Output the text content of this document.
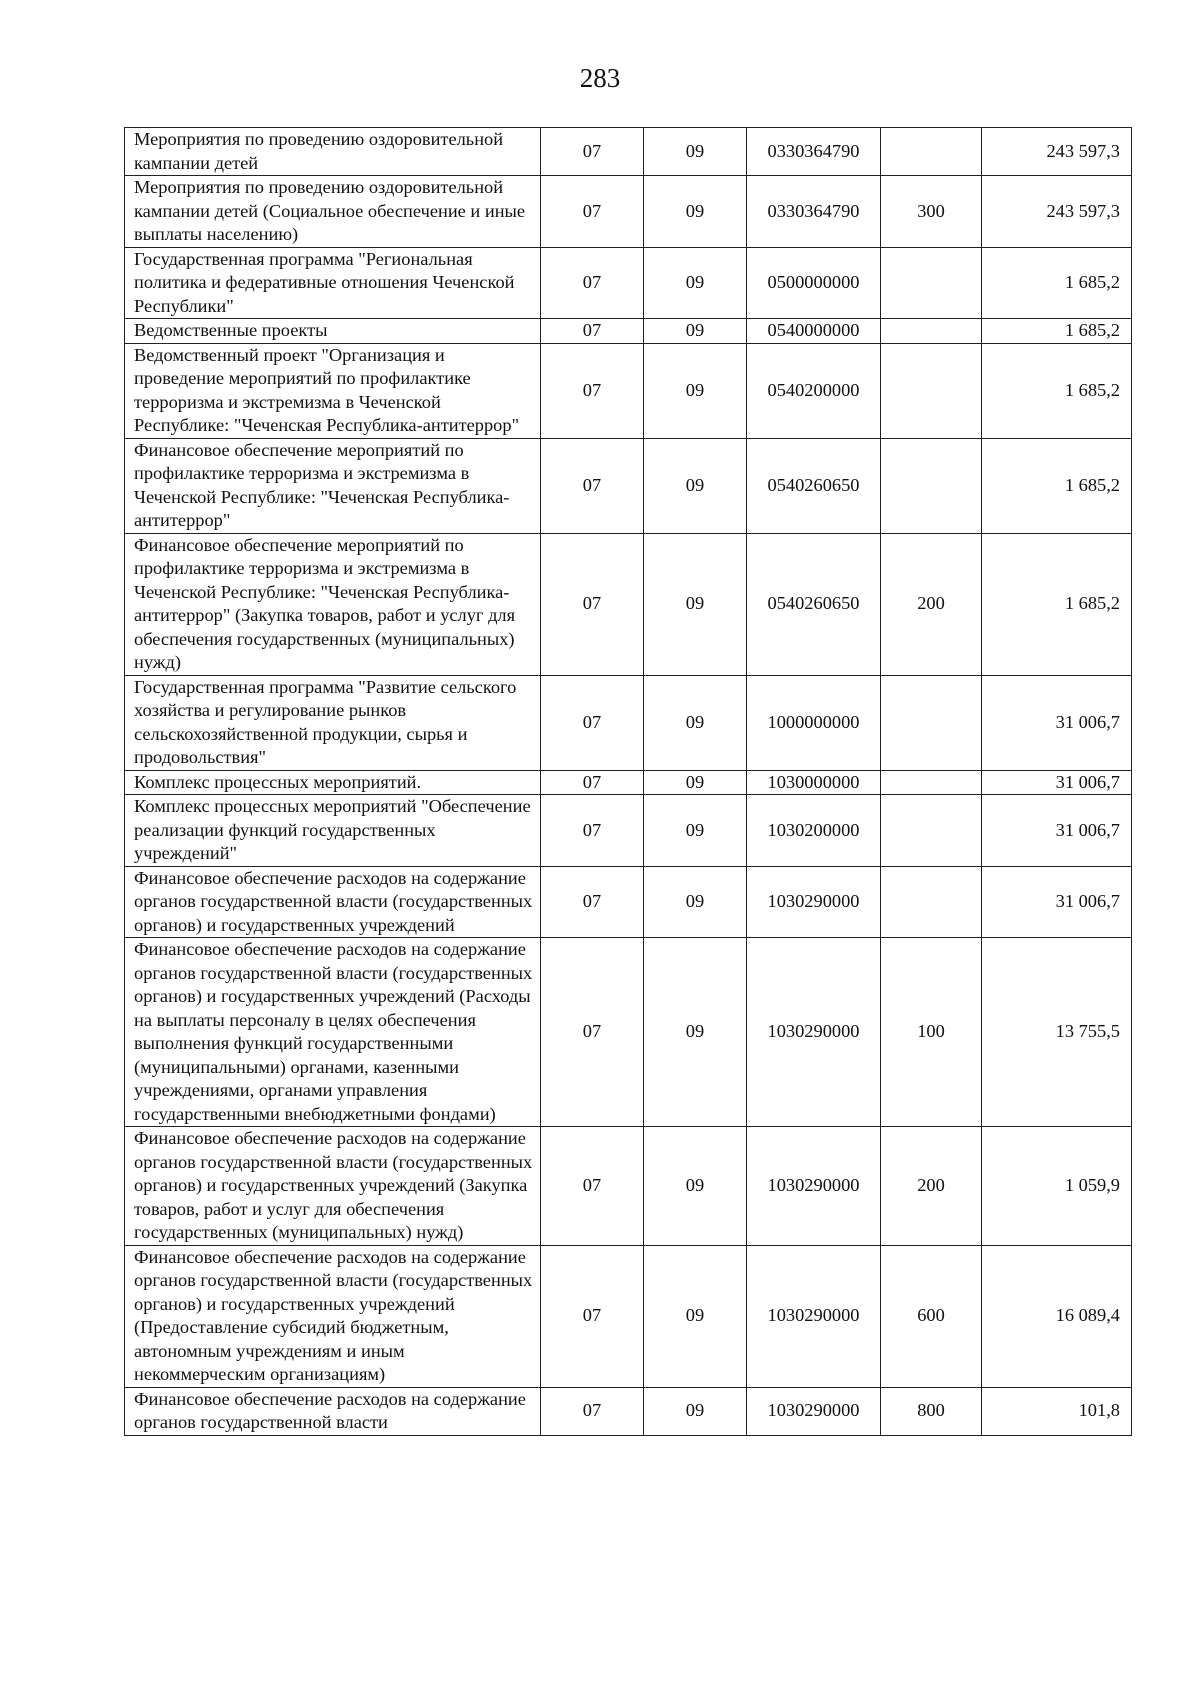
283
Мероприятия по проведению оздоровительной кампании детей	07	09	0330364790		243 597,3
Мероприятия по проведению оздоровительной кампании детей (Социальное обеспечение и иные выплаты населению)	07	09	0330364790	300	243 597,3
Государственная программа "Региональная политика и федеративные отношения Чеченской Республики"	07	09	0500000000		1 685,2
Ведомственные проекты	07	09	0540000000		1 685,2
Ведомственный проект "Организация и проведение мероприятий по профилактике терроризма и экстремизма в Чеченской Республике: "Чеченская Республика-антитеррор"	07	09	0540200000		1 685,2
Финансовое обеспечение мероприятий по профилактике терроризма и экстремизма в Чеченской Республике: "Чеченская Республика-антитеррор"	07	09	0540260650		1 685,2
Финансовое обеспечение мероприятий по профилактике терроризма и экстремизма в Чеченской Республике: "Чеченская Республика-антитеррор" (Закупка товаров, работ и услуг для обеспечения государственных (муниципальных) нужд)	07	09	0540260650	200	1 685,2
Государственная программа "Развитие сельского хозяйства и регулирование рынков сельскохозяйственной продукции, сырья и продовольствия"	07	09	1000000000		31 006,7
Комплекс процессных мероприятий.	07	09	1030000000		31 006,7
Комплекс процессных мероприятий "Обеспечение реализации функций государственных учреждений"	07	09	1030200000		31 006,7
Финансовое обеспечение расходов на содержание органов государственной власти (государственных органов) и государственных учреждений	07	09	1030290000		31 006,7
Финансовое обеспечение расходов на содержание органов государственной власти (государственных органов) и государственных учреждений (Расходы на выплаты персоналу в целях обеспечения выполнения функций государственными (муниципальными) органами, казенными учреждениями, органами управления государственными внебюджетными фондами)	07	09	1030290000	100	13 755,5
Финансовое обеспечение расходов на содержание органов государственной власти (государственных органов) и государственных учреждений (Закупка товаров, работ и услуг для обеспечения государственных (муниципальных) нужд)	07	09	1030290000	200	1 059,9
Финансовое обеспечение расходов на содержание органов государственной власти (государственных органов) и государственных учреждений (Предоставление субсидий бюджетным, автономным учреждениям и иным некоммерческим организациям)	07	09	1030290000	600	16 089,4
Финансовое обеспечение расходов на содержание органов государственной власти	07	09	1030290000	800	101,8
